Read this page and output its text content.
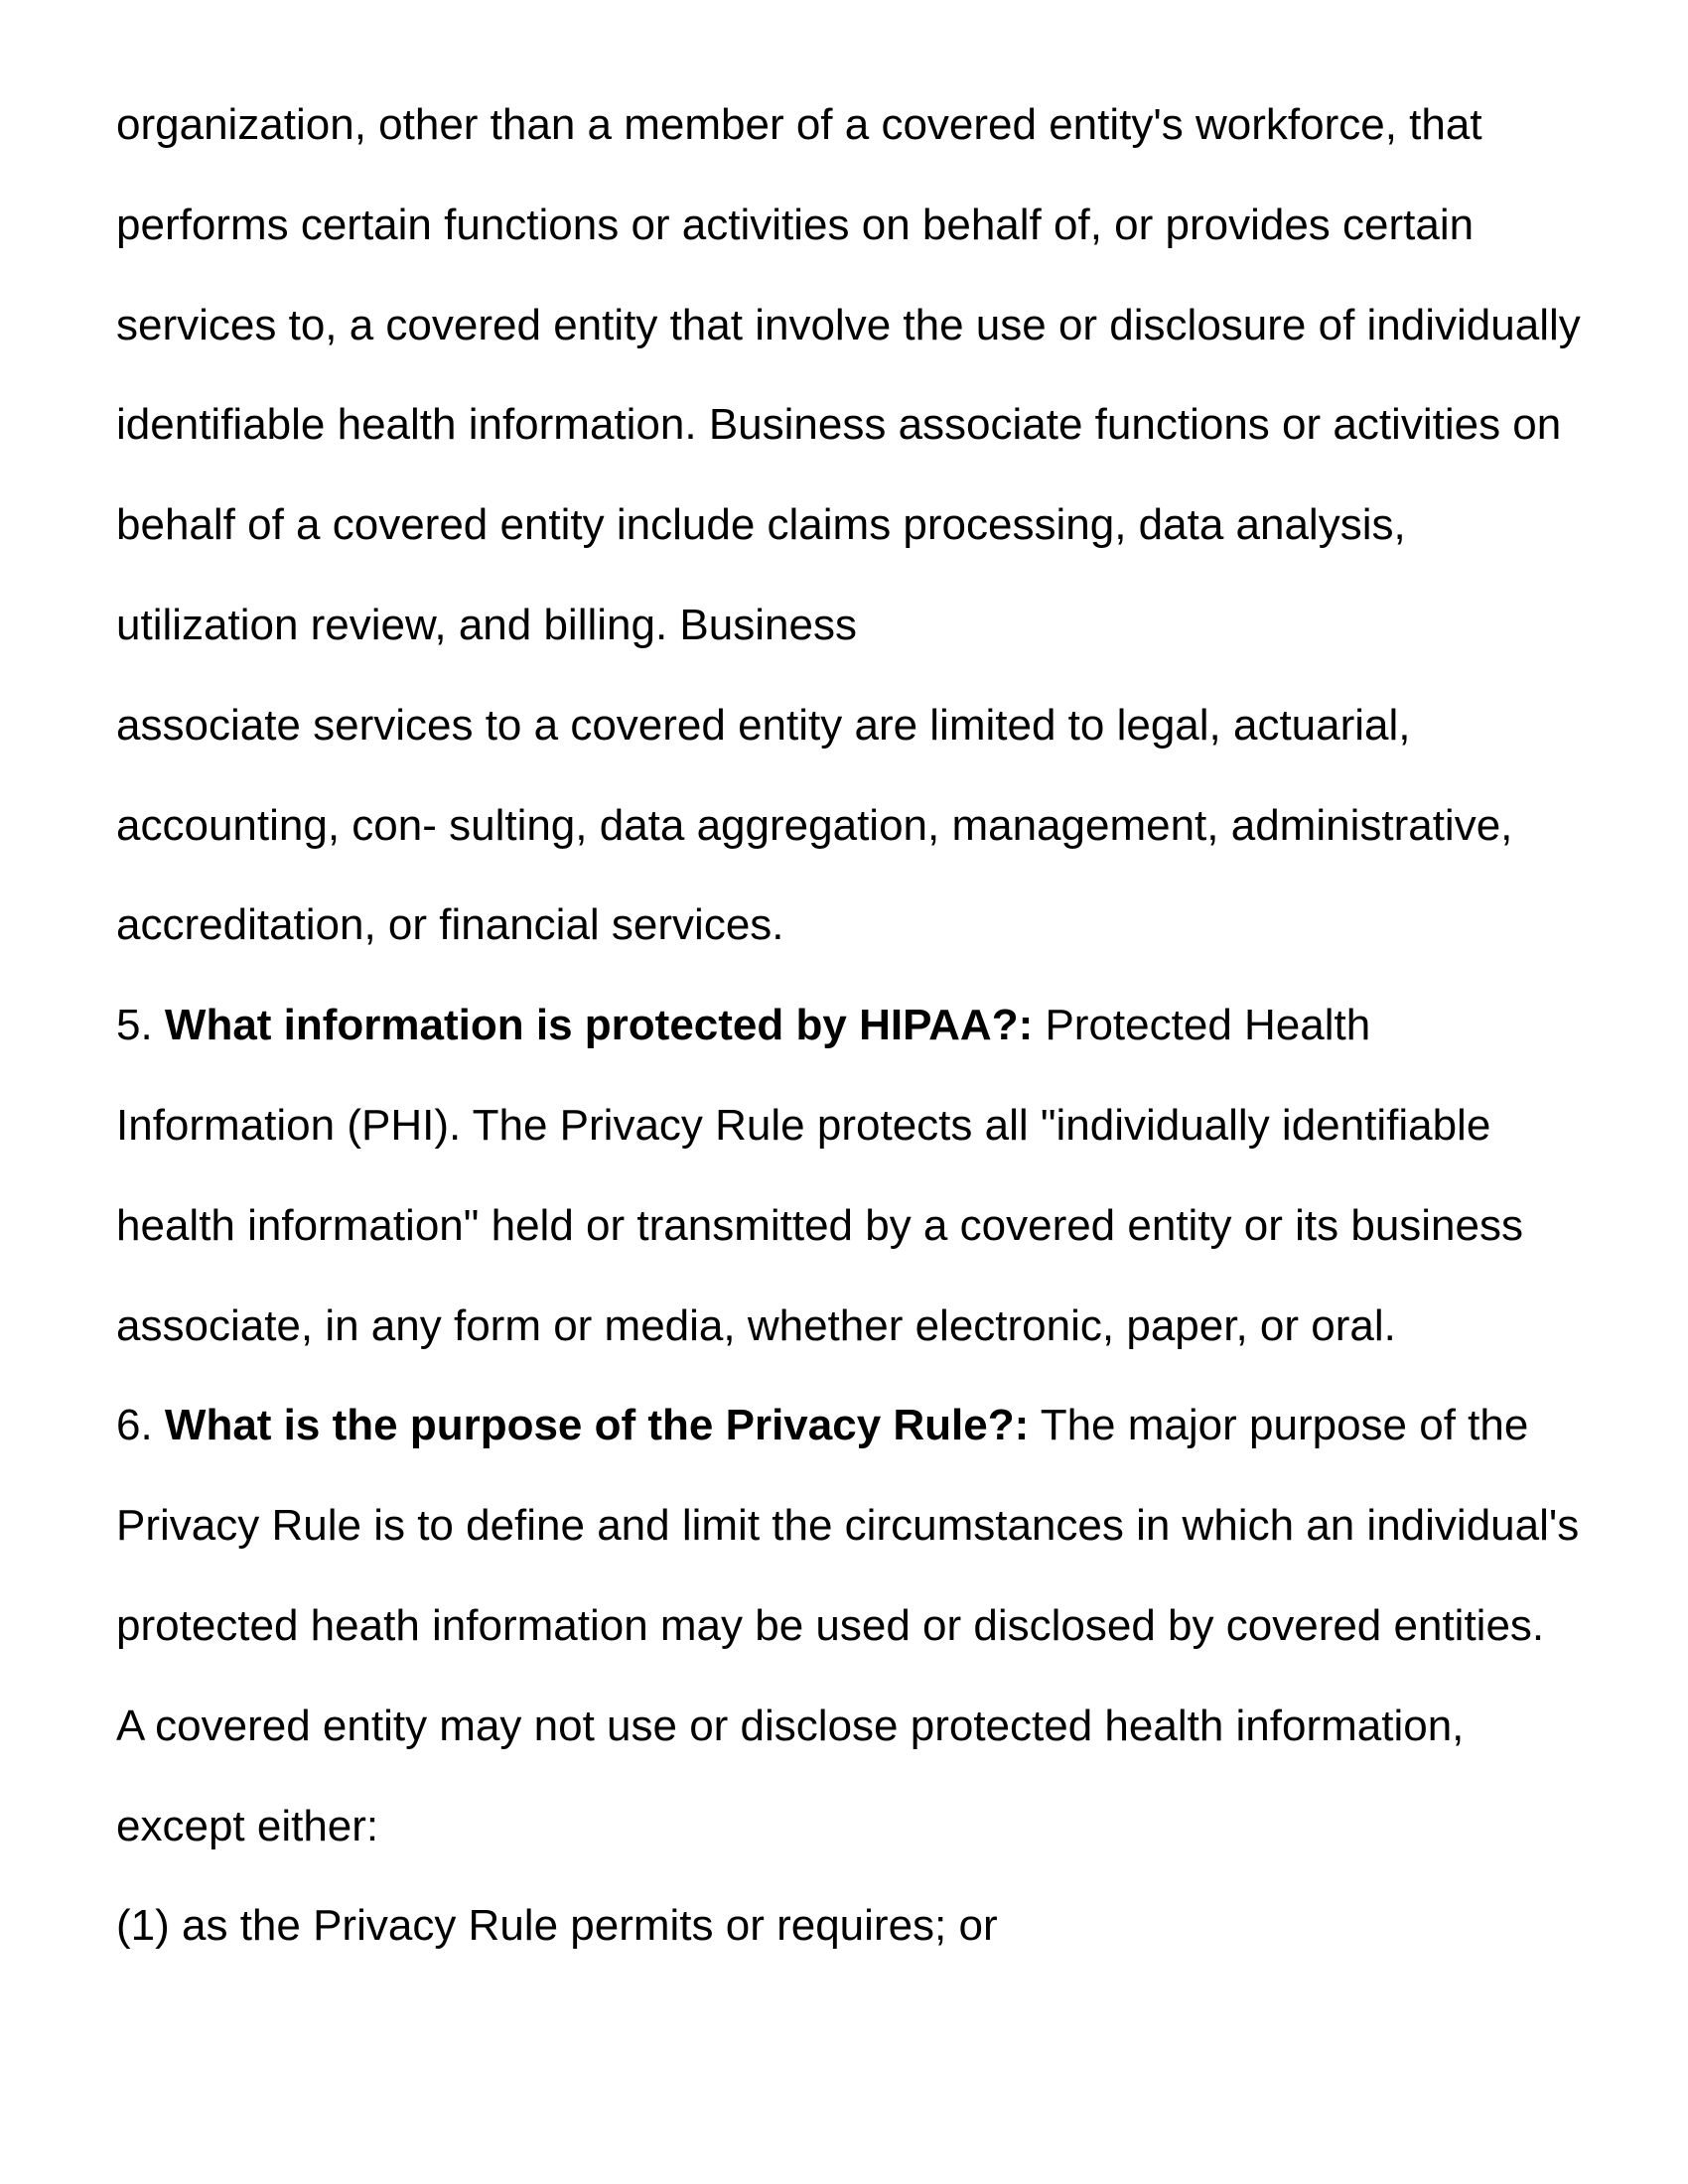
organization, other than a member of a covered entity's workforce, that
performs certain functions or activities on behalf of, or provides certain
services to, a covered entity that involve the use or disclosure of individually
identifiable health information. Business associate functions or activities on
behalf of a covered entity include claims processing, data analysis,
utilization review, and billing. Business
associate services to a covered entity are limited to legal, actuarial,
accounting, con- sulting, data aggregation, management, administrative,
accreditation, or financial services.
5. What information is protected by HIPAA?: Protected Health
Information (PHI). The Privacy Rule protects all "individually identifiable
health information" held or transmitted by a covered entity or its business
associate, in any form or media, whether electronic, paper, or oral.
6. What is the purpose of the Privacy Rule?: The major purpose of the
Privacy Rule is to define and limit the circumstances in which an individual's
protected heath information may be used or disclosed by covered entities.
A covered entity may not use or disclose protected health information,
except either:
(1) as the Privacy Rule permits or requires; or
